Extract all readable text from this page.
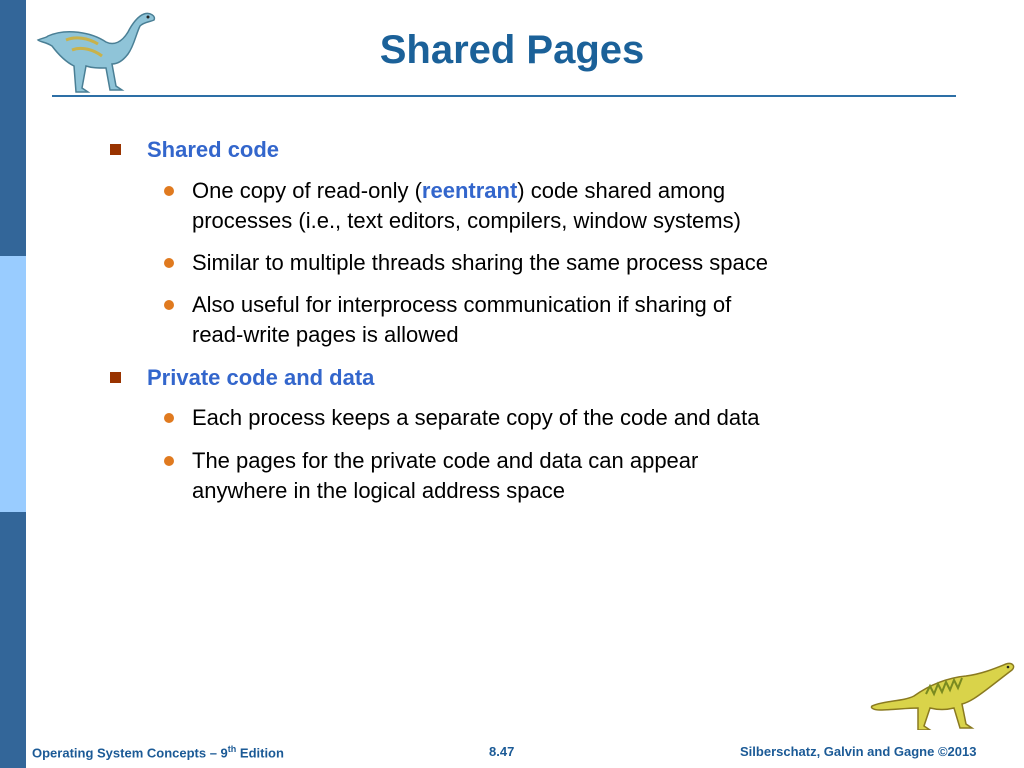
Shared Pages
Shared code
One copy of read-only (reentrant) code shared among
processes (i.e., text editors, compilers, window systems)
Similar to multiple threads sharing the same process space
Also useful for interprocess communication if sharing of
read-write pages is allowed
Private code and data
Each process keeps a separate copy of the code and data
The pages for the private code and data can appear
anywhere in the logical address space
Operating System Concepts – 9th Edition	8.47	Silberschatz, Galvin and Gagne ©2013
